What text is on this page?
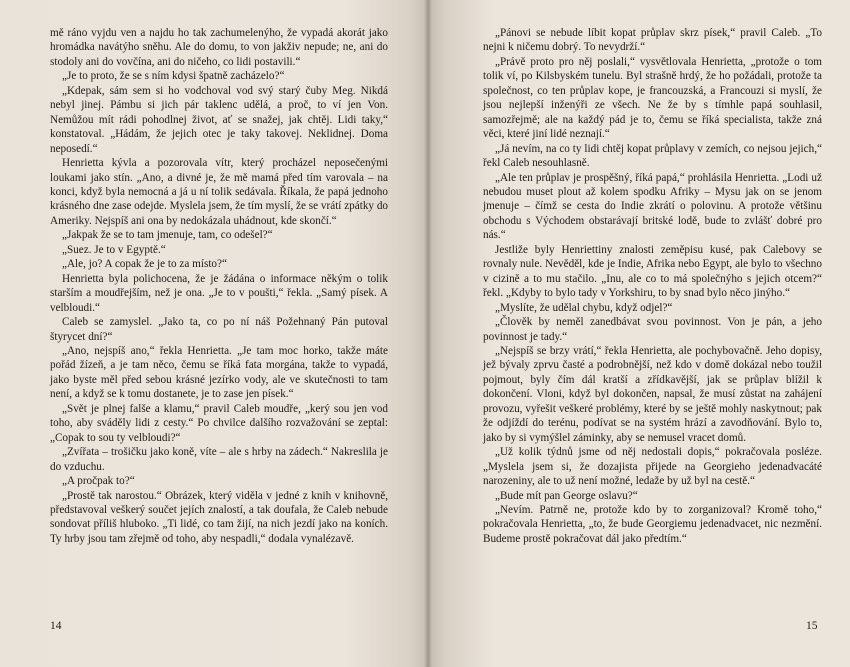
mě ráno vyjdu ven a najdu ho tak zachumelenýho, že vypadá akorát jako hromádka navátýho sněhu. Ale do domu, to von jakživ nepude; ne, ani do stodoly ani do vovčína, ani do ničeho, co lidi postavili.“

„Je to proto, že se s ním kdysi špatně zacházelo?“

„Kdepak, sám sem si ho vodchoval vod svý starý čuby Meg. Nikdá nebyl jinej. Pámbu si jich pár taklenc udělá, a proč, to ví jen Von. Nemůžou mít rádi pohodlnej život, ať se snažej, jak chtěj. Lidi taky,“ konstatoval. „Hádám, že jejich otec je taky takovej. Neklidnej. Doma neposedí.“

Henrietta kývla a pozorovala vítr, který procházel neposečenými loukami jako stín. „Ano, a divné je, že mě mamá před tím varovala – na konci, když byla nemocná a já u ní tolik sedávala. Říkala, že papá jednoho krásného dne zase odejde. Myslela jsem, že tím myslí, že se vrátí zpátky do Ameriky. Nejspíš ani ona by nedokázala uhádnout, kde skončí.“

„Jakpak že se to tam jmenuje, tam, co odešel?“

„Suez. Je to v Egyptě.“

„Ale, jo? A copak že je to za místo?“

Henrietta byla polichocena, že je žádána o informace někým o tolik starším a moudřejším, než je ona. „Je to v poušti,“ řekla. „Samý písek. A velbloudi.“

Caleb se zamyslel. „Jako ta, co po ní náš Požehnaný Pán putoval štyrycet dní?“

„Ano, nejspíš ano,“ řekla Henrietta. „Je tam moc horko, takže máte pořád žízeň, a je tam něco, čemu se říká fata morgána, takže to vypadá, jako byste měl před sebou krásné jezírko vody, ale ve skutečnosti to tam není, a když se k tomu dostanete, je to zase jen písek.“

„Svět je plnej falše a klamu,“ pravil Caleb moudře, „kerý sou jen vod toho, aby sváděly lidi z cesty.“ Po chvilce dalšího rozvažování se zeptal: „Copak to sou ty velbloudi?“

„Zvířata – trošičku jako koně, víte – ale s hrby na zádech.“ Nakreslila je do vzduchu.

„A pročpak to?“

„Prostě tak narostou.“ Obrázek, který viděla v jedné z knih v knihovně, představoval veškerý součet jejích znalostí, a tak doufala, že Caleb nebude sondovat příliš hluboko. „Ti lidé, co tam žijí, na nich jezdí jako na koních. Ty hrby jsou tam zřejmě od toho, aby nespadli,“ dodala vynalézavě.

14

„Pánovi se nebude líbit kopat průplav skrz písek,“ pravil Caleb. „To nejni k ničemu dobrý. To nevydrží.“

„Právě proto pro něj poslali,“ vysvětlovala Henrietta, „protože o tom tolik ví, po Kilsbyském tunelu. Byl strašně hrdý, že ho požádali, protože ta společnost, co ten průplav kope, je francouzská, a Francouzi si myslí, že jsou nejlepší inženýři ze všech. Ne že by s tímhle papá souhlasil, samozřejmě; ale na každý pád je to, čemu se říká specialista, takže zná věci, které jiní lidé neznají.“

„Já nevím, na co ty lidi chtěj kopat průplavy v zemích, co nejsou jejich,“ řekl Caleb nesouhlasně.

„Ale ten průplav je prospěšný, říká papá,“ prohlásila Henrietta. „Lodi už nebudou muset plout až kolem spodku Afriky – Mysu jak on se jenom jmenuje – čímž se cesta do Indie zkrátí o polovinu. A protože většinu obchodu s Východem obstarávají britské lodě, bude to zvlášť dobré pro nás.“

Jestliže byly Henriettiny znalosti zeměpisu kusé, pak Calebovy se rovnaly nule. Nevěděl, kde je Indie, Afrika nebo Egypt, ale bylo to všechno v cizině a to mu stačilo. „Inu, ale co to má společnýho s jejich otcem?“ řekl. „Kdyby to bylo tady v Yorkshiru, to by snad bylo něco jinýho.“

„Myslíte, že udělal chybu, když odjel?“

„Člověk by neměl zanedbávat svou povinnost. Von je pán, a jeho povinnost je tady.“

„Nejspíš se brzy vrátí,“ řekla Henrietta, ale pochybovačně. Jeho dopisy, jež bývaly zprvu časté a podrobnější, než kdo v domě dokázal nebo toužil pojmout, byly čím dál kratší a zřídkavější, jak se průplav blížil k dokončení. Vloni, když byl dokončen, napsal, že musí zůstat na zahájení provozu, vyřešit veškeré problémy, které by se ještě mohly naskytnout; pak že odjíždí do terénu, podívat se na systém hrází a zavodňování. Bylo to, jako by si vymýšlel záminky, aby se nemusel vracet domů.

„Už kolik týdnů jsme od něj nedostali dopis,“ pokračovala posléze. „Myslela jsem si, že dozajista přijede na Georgieho jedenadvacáté narozeniny, ale to už není možné, ledaže by už byl na cestě.“

„Bude mít pan George oslavu?“

„Nevím. Patrně ne, protože kdo by to zorganizoval? Kromě toho,“ pokračovala Henrietta, „to, že bude Georgiemu jedenadvacet, nic nezmění. Budeme prostě pokračovat dál jako předtím.“

15
